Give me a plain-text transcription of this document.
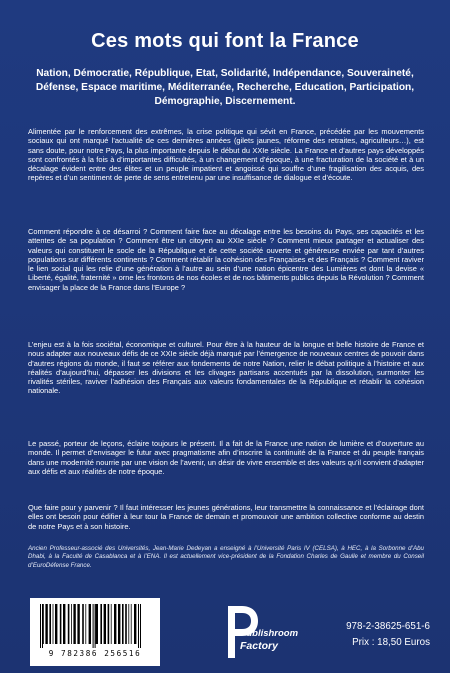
Ces mots qui font la France
Nation, Démocratie, République, Etat, Solidarité, Indépendance, Souveraineté, Défense, Espace maritime, Méditerranée, Recherche, Education, Participation, Démographie, Discernement.

Alimentée par le renforcement des extrêmes, la crise politique qui sévit en France, précédée par les mouvements sociaux qui ont marqué l’actualité de ces dernières années (gilets jaunes, réforme des retraites, agriculteurs…), est sans doute, pour notre Pays, la plus importante depuis le début du XXIe siècle. La France et d’autres pays développés sont confrontés à la fois à d’importantes difficultés, à un changement d’époque, à une fracturation de la société et à un décalage évident entre des élites et un peuple impatient et angoissé qui souffre d’une fragilisation des acquis, des repères et d’un sentiment de perte de sens entretenu par une insuffisance de dialogue et d’écoute.

Comment répondre à ce désarroi ? Comment faire face au décalage entre les besoins du Pays, ses capacités et les attentes de sa population ? Comment être un citoyen au XXIe siècle ? Comment mieux partager et actualiser des valeurs qui constituent le socle de la République et de cette société ouverte et généreuse enviée par tant d’autres populations sur différents continents ? Comment rétablir la cohésion des Françaises et des Français ? Comment raviver le lien social qui les relie d’une génération à l’autre au sein d’une nation épicentre des Lumières et dont la devise « Liberté, égalité, fraternité » orne les frontons de nos écoles et de nos bâtiments publics depuis la Révolution ? Comment envisager la place de la France dans l’Europe ?

L’enjeu est à la fois sociétal, économique et culturel. Pour être à la hauteur de la longue et belle histoire de France et nous adapter aux nouveaux défis de ce XXIe siècle déjà marqué par l’émergence de nouveaux centres de pouvoir dans d’autres régions du monde, il faut se référer aux fondements de notre Nation, relier le débat politique à l’histoire et aux réalités d’aujourd’hui, dépasser les divisions et les clivages partisans accentués par la dissolution, surmonter les rivalités stériles, raviver l’adhésion des Français aux valeurs fondamentales de la République et rétablir la cohésion nationale.

Le passé, porteur de leçons, éclaire toujours le présent. Il a fait de la France une nation de lumière et d’ouverture au monde. Il permet d’envisager le futur avec pragmatisme afin d’inscrire la continuité de la France et du peuple français dans une modernité nourrie par une vision de l’avenir, un désir de vivre ensemble et des valeurs qu’il convient d’adapter aux défis et aux réalités de notre époque.

Que faire pour y parvenir ? Il faut intéresser les jeunes générations, leur transmettre la connaissance et l’éclairage dont elles ont besoin pour édifier à leur tour la France de demain et promouvoir une ambition collective conforme au destin de notre Pays et à son histoire.

Ancien Professeur-associé des Universités, Jean-Marie Dedeyan a enseigné à l’Université Paris IV (CELSA), à HEC, à la Sorbonne d’Abu Dhabi, à la Faculté de Casablanca et à l’ENA. Il est actuellement vice-président de la Fondation Charles de Gaulle et membre du Conseil d’EuroDéfense France.

9 782386 256516
Publishroom
Factory
978-2-38625-651-6
Prix : 18,50 Euros
